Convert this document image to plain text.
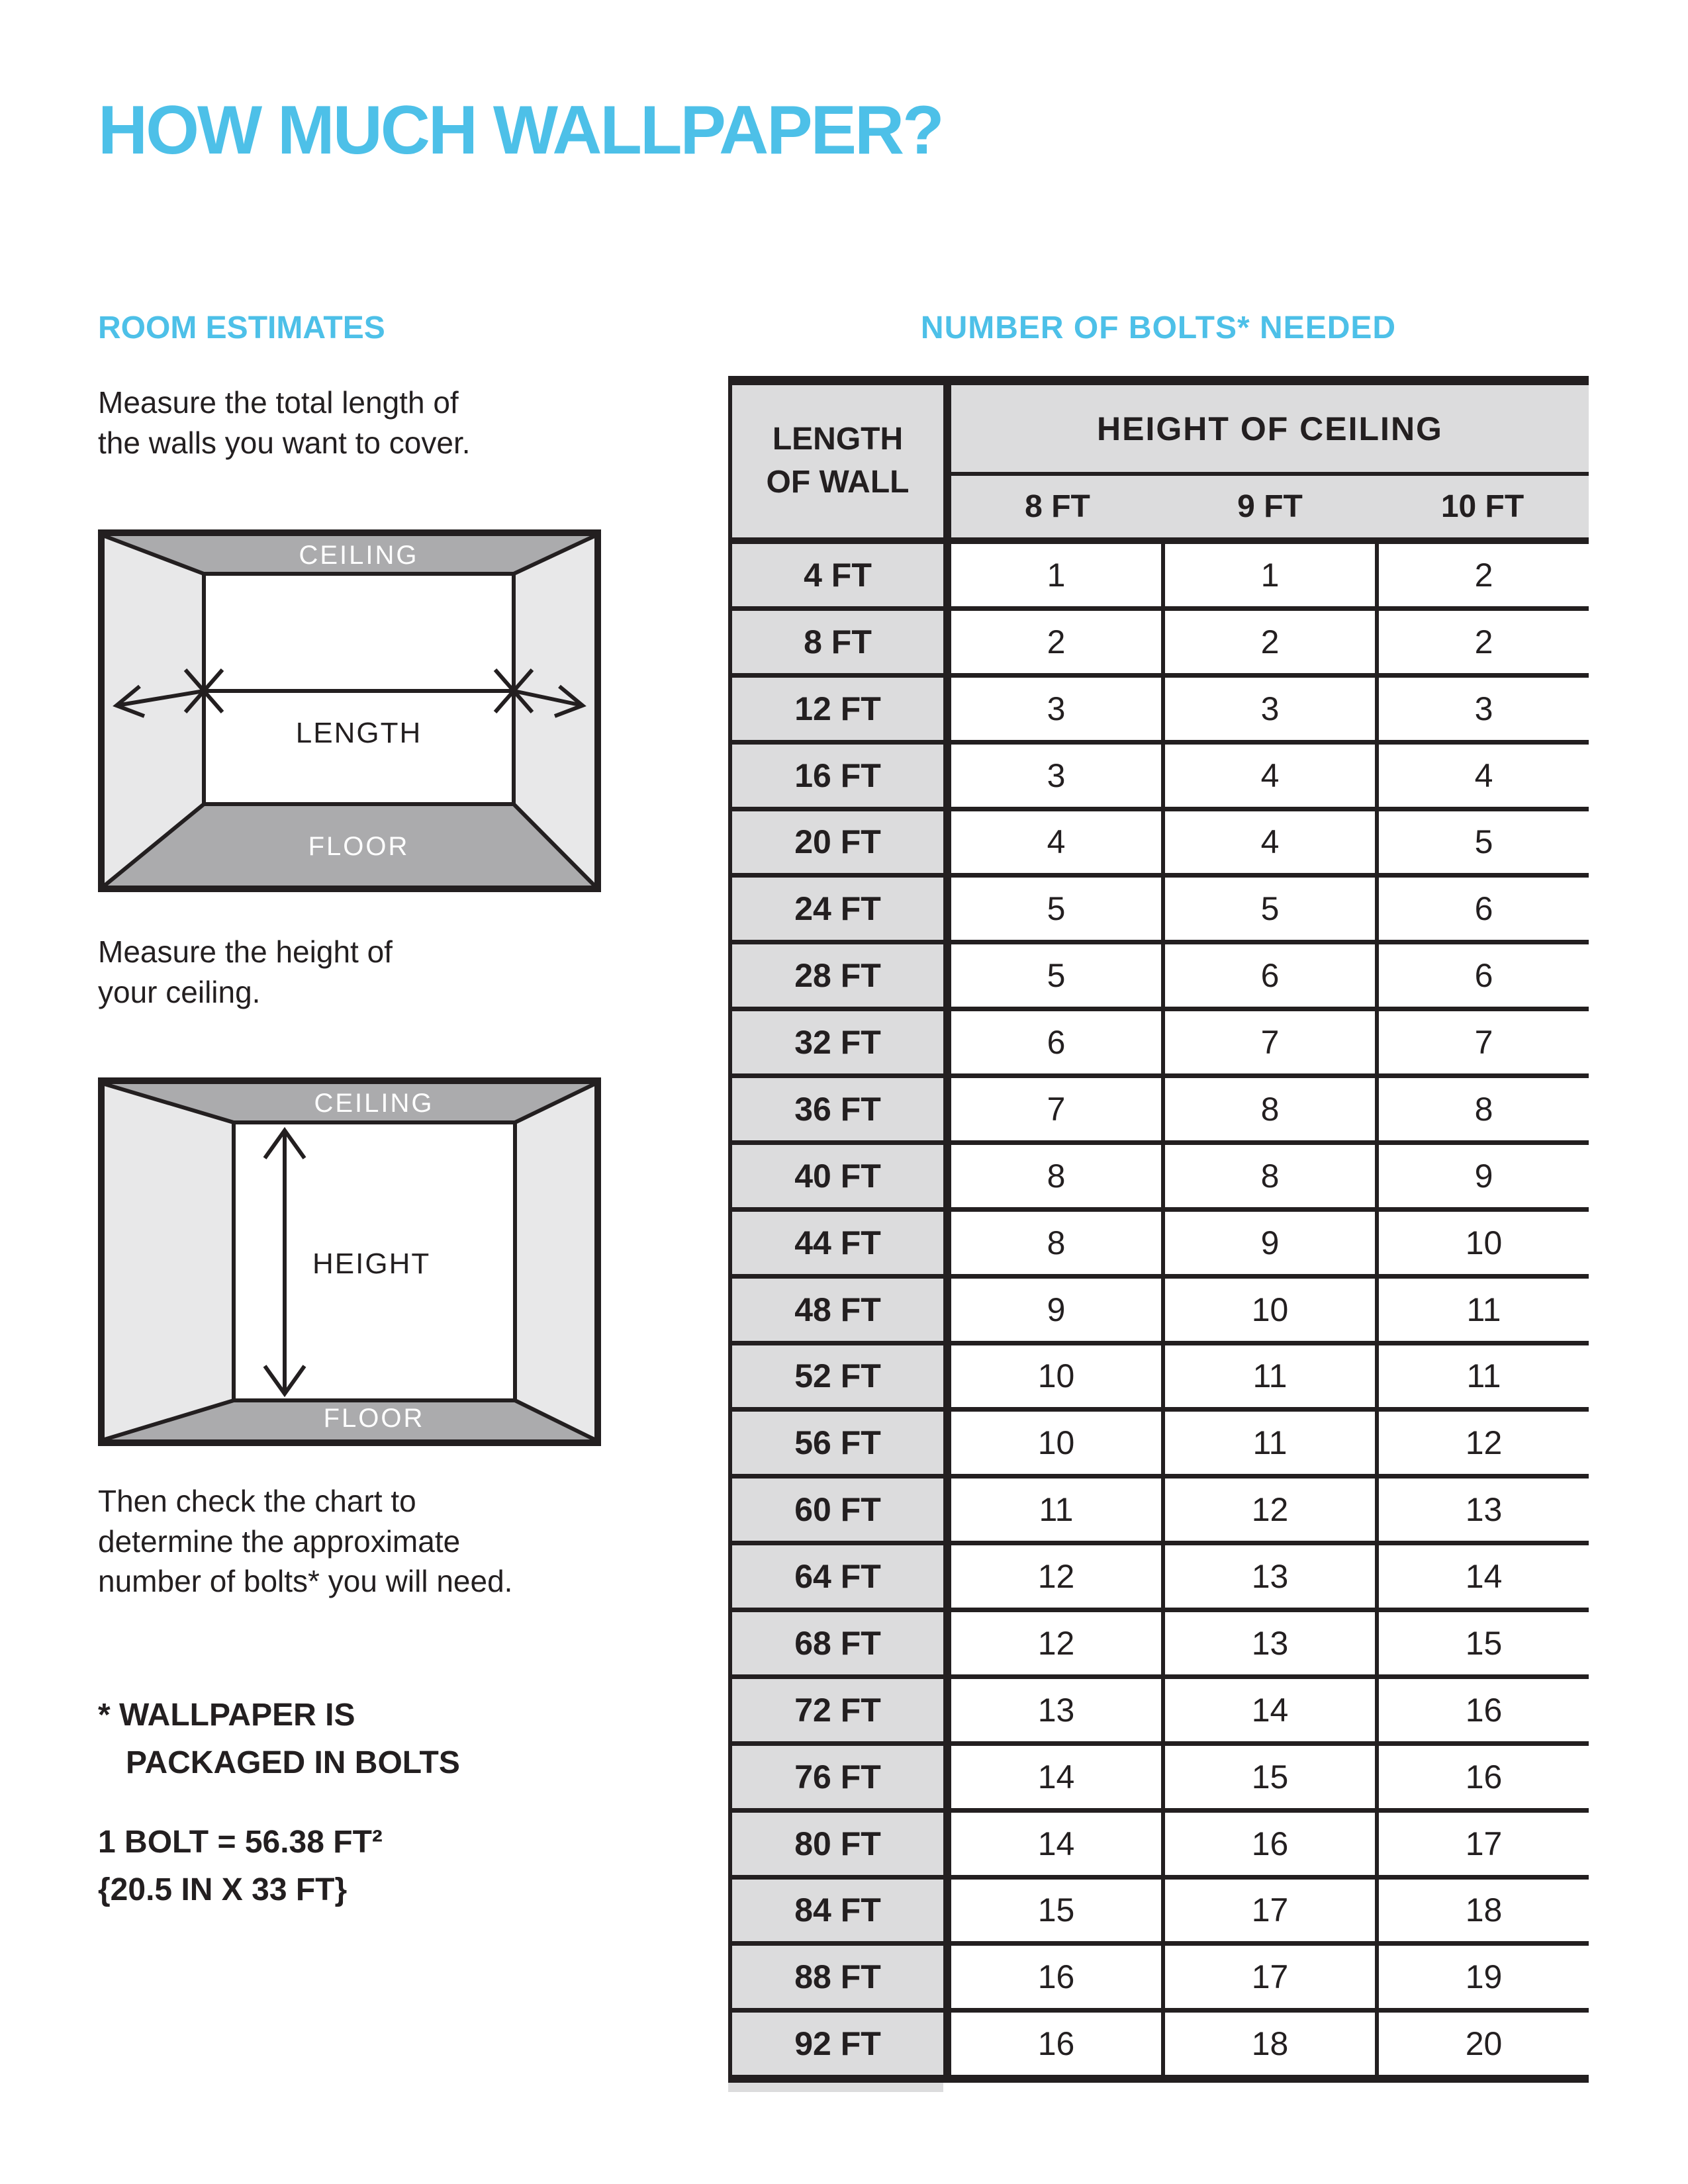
HOW MUCH WALLPAPER?
ROOM ESTIMATES
Measure the total length of
the walls you want to cover.
CEILING
LENGTH
FLOOR
Measure the height of
your ceiling.
CEILING
HEIGHT
FLOOR
Then check the chart to
determine the approximate
number of bolts* you will need.
* WALLPAPER IS
PACKAGED IN BOLTS
1 BOLT = 56.38 FT²
{20.5 IN X 33 FT}
NUMBER OF BOLTS* NEEDED
LENGTH
OF WALL
HEIGHT OF CEILING
8 FT	9 FT	10 FT
4 FT	1	1	2
8 FT	2	2	2
12 FT	3	3	3
16 FT	3	4	4
20 FT	4	4	5
24 FT	5	5	6
28 FT	5	6	6
32 FT	6	7	7
36 FT	7	8	8
40 FT	8	8	9
44 FT	8	9	10
48 FT	9	10	11
52 FT	10	11	11
56 FT	10	11	12
60 FT	11	12	13
64 FT	12	13	14
68 FT	12	13	15
72 FT	13	14	16
76 FT	14	15	16
80 FT	14	16	17
84 FT	15	17	18
88 FT	16	17	19
92 FT	16	18	20
